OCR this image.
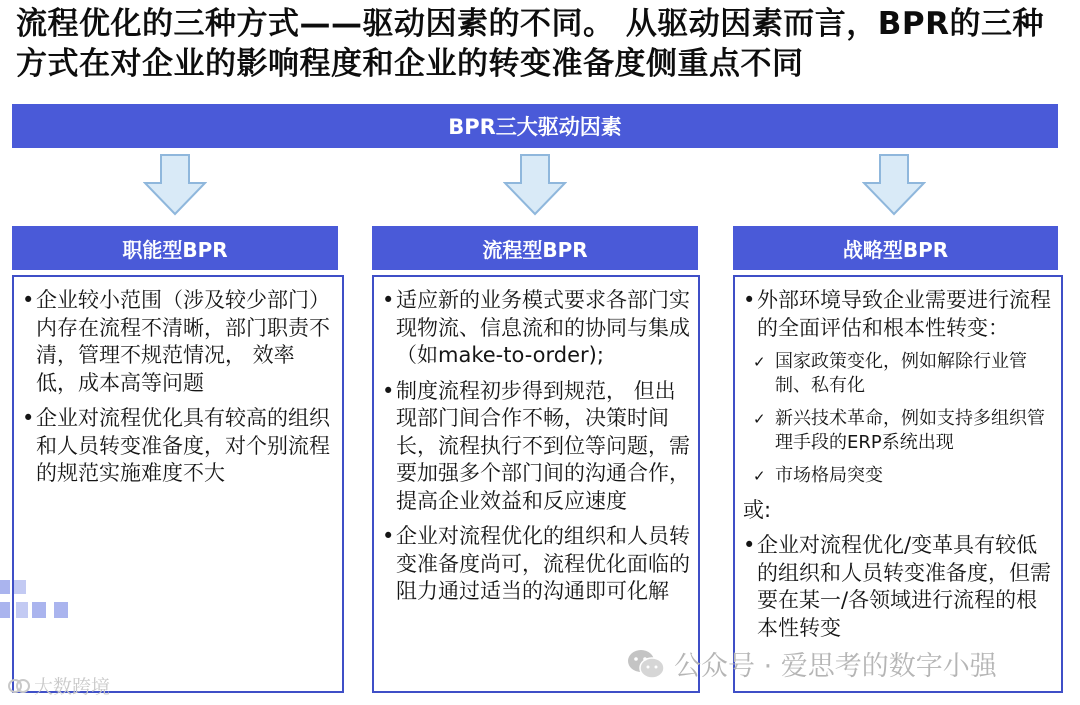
流程优化的三种方式——驱动因素的不同。 从驱动因素而言，BPR的三种方式在对企业的影响程度和企业的转变准备度侧重点不同
BPR三大驱动因素
职能型BPR	流程型BPR	战略型BPR
• 企业较小范围（涉及较少部门）内存在流程不清晰，部门职责不清，管理不规范情况， 效率低，成本高等问题
• 企业对流程优化具有较高的组织和人员转变准备度，对个别流程的规范实施难度不大
• 适应新的业务模式要求各部门实现物流、信息流和的协同与集成（如make-to-order);
• 制度流程初步得到规范， 但出现部门间合作不畅，决策时间长，流程执行不到位等问题，需要加强多个部门间的沟通合作，提高企业效益和反应速度
• 企业对流程优化的组织和人员转变准备度尚可，流程优化面临的阻力通过适当的沟通即可化解
• 外部环境导致企业需要进行流程的全面评估和根本性转变：
✓ 国家政策变化，例如解除行业管制、私有化
✓ 新兴技术革命，例如支持多组织管理手段的ERP系统出现
✓ 市场格局突变
或:
• 企业对流程优化/变革具有较低的组织和人员转变准备度，但需要在某一/各领域进行流程的根本性转变
公众号 · 爱思考的数字小强
大数跨境
